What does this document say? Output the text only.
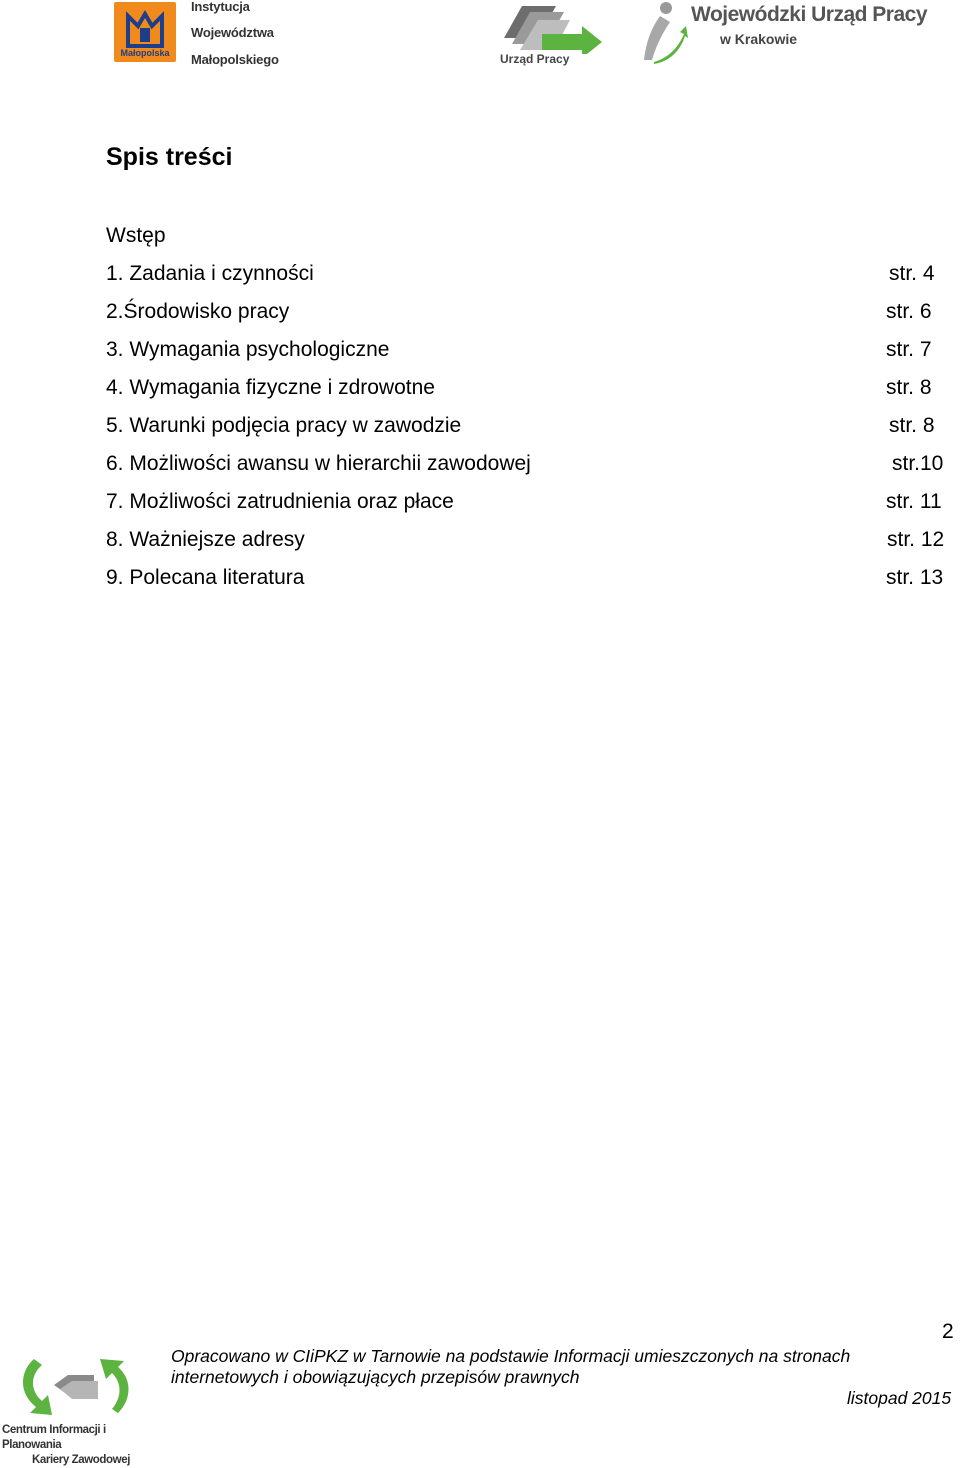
Małopolska
Instytucja
Województwa
Małopolskiego	Urząd Pracy
Wojewódzki Urząd Pracy
w Krakowie
Spis treści
Wstęp
1. Zadania i czynności	str. 4
2.Środowisko pracy	str. 6
3. Wymagania psychologiczne	str. 7
4. Wymagania fizyczne i zdrowotne	str. 8
5. Warunki podjęcia pracy w zawodzie	str. 8
6. Możliwości awansu w hierarchii zawodowej	str.10
7. Możliwości zatrudnienia oraz płace	str. 11
8. Ważniejsze adresy	str. 12
9. Polecana literatura	str. 13
2
Opracowano w CIiPKZ w Tarnowie na podstawie Informacji umieszczonych na stronach
internetowych i obowiązujących przepisów prawnych
listopad 2015
Centrum Informacji i Planowania
Kariery Zawodowej
